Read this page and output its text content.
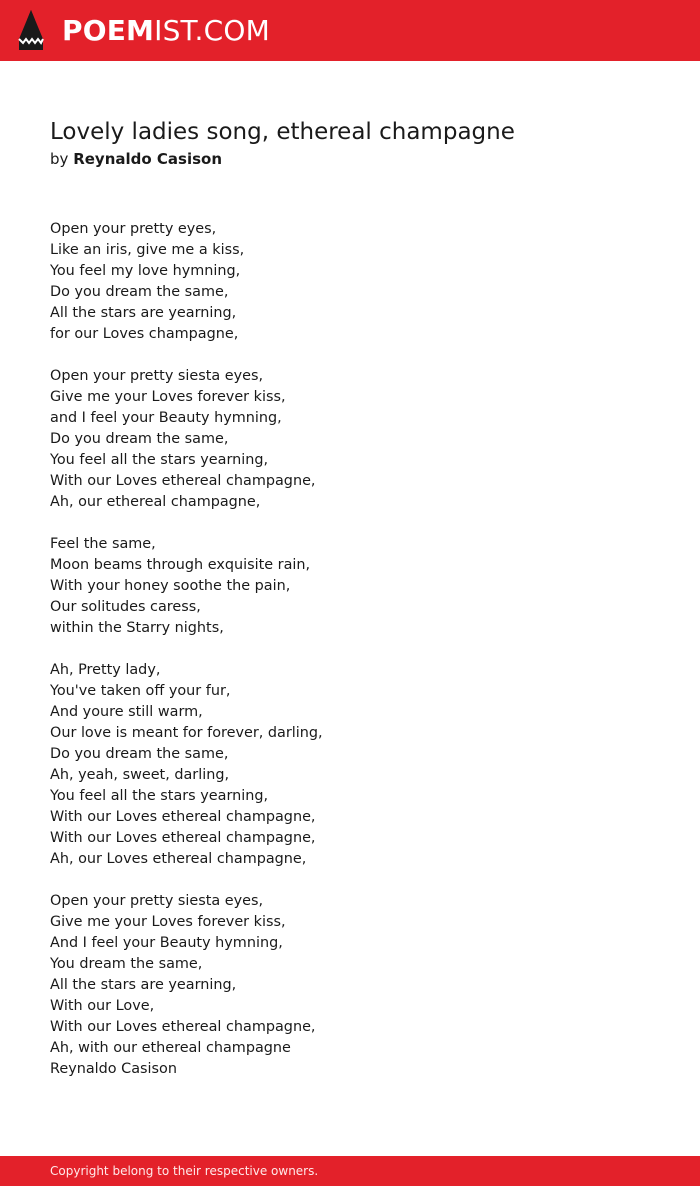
POEMIST.COM
Lovely ladies song, ethereal champagne
by Reynaldo Casison
Open your pretty eyes,
Like an iris, give me a kiss,
You feel my love hymning,
Do you dream the same,
All the stars are yearning,
for our Loves champagne,
Open your pretty siesta eyes,
Give me your Loves forever kiss,
and I feel your Beauty hymning,
Do you dream the same,
You feel all the stars yearning,
With our Loves ethereal champagne,
Ah, our ethereal champagne,
Feel the same,
Moon beams through exquisite rain,
With your honey soothe the pain,
Our solitudes caress,
within the Starry nights,
Ah, Pretty lady,
You've taken off your fur,
And youre still warm,
Our love is meant for forever, darling,
Do you dream the same,
Ah, yeah, sweet, darling,
You feel all the stars yearning,
With our Loves ethereal champagne,
With our Loves ethereal champagne,
Ah, our Loves ethereal champagne,
Open your pretty siesta eyes,
Give me your Loves forever kiss,
And I feel your Beauty hymning,
You dream the same,
All the stars are yearning,
With our Love,
With our Loves ethereal champagne,
Ah, with our ethereal champagne
Reynaldo Casison
Copyright belong to their respective owners.
